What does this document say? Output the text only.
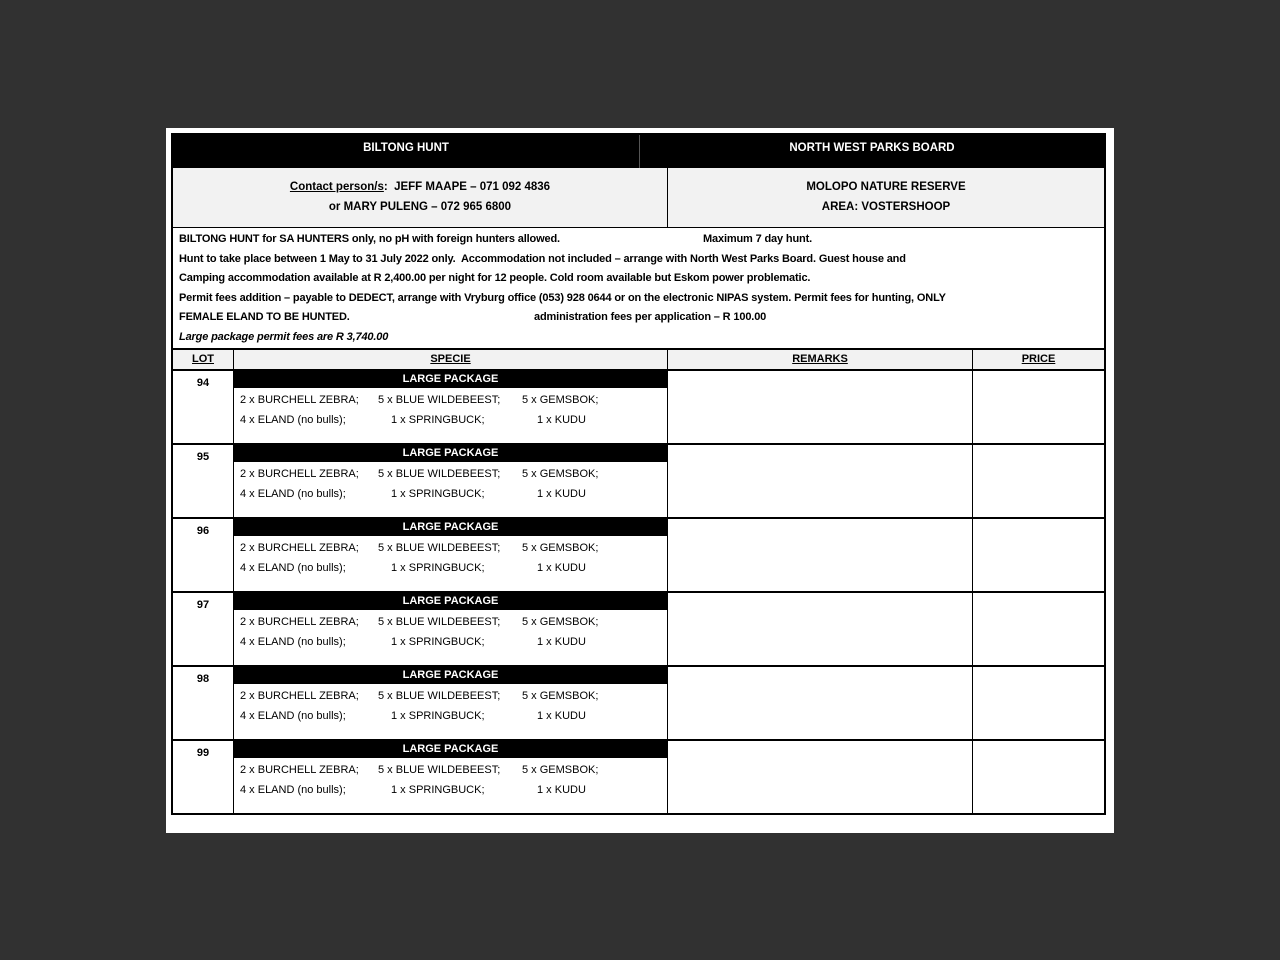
BILTONG HUNT	NORTH WEST PARKS BOARD
Contact person/s:  JEFF MAAPE – 071 092 4836
or MARY PULENG – 072 965 6800
MOLOPO NATURE RESERVE
AREA: VOSTERSHOOP
BILTONG HUNT for SA HUNTERS only, no pH with foreign hunters allowed.	Maximum 7 day hunt.
Hunt to take place between 1 May to 31 July 2022 only.  Accommodation not included – arrange with North West Parks Board. Guest house and
Camping accommodation available at R 2,400.00 per night for 12 people. Cold room available but Eskom power problematic.
Permit fees addition – payable to DEDECT, arrange with Vryburg office (053) 928 0644 or on the electronic NIPAS system. Permit fees for hunting, ONLY
FEMALE ELAND TO BE HUNTED.	administration fees per application – R 100.00
Large package permit fees are R 3,740.00
LOT	SPECIE	REMARKS	PRICE
94	LARGE PACKAGE
2 x BURCHELL ZEBRA; 5 x BLUE WILDEBEEST; 5 x GEMSBOK;
4 x ELAND (no bulls);	1 x SPRINGBUCK;	1 x KUDU
95	LARGE PACKAGE
2 x BURCHELL ZEBRA; 5 x BLUE WILDEBEEST; 5 x GEMSBOK;
4 x ELAND (no bulls);	1 x SPRINGBUCK;	1 x KUDU
96	LARGE PACKAGE
2 x BURCHELL ZEBRA; 5 x BLUE WILDEBEEST; 5 x GEMSBOK;
4 x ELAND (no bulls);	1 x SPRINGBUCK;	1 x KUDU
97	LARGE PACKAGE
2 x BURCHELL ZEBRA; 5 x BLUE WILDEBEEST; 5 x GEMSBOK;
4 x ELAND (no bulls);	1 x SPRINGBUCK;	1 x KUDU
98	LARGE PACKAGE
2 x BURCHELL ZEBRA; 5 x BLUE WILDEBEEST; 5 x GEMSBOK;
4 x ELAND (no bulls);	1 x SPRINGBUCK;	1 x KUDU
99	LARGE PACKAGE
2 x BURCHELL ZEBRA; 5 x BLUE WILDEBEEST; 5 x GEMSBOK;
4 x ELAND (no bulls);	1 x SPRINGBUCK;	1 x KUDU
